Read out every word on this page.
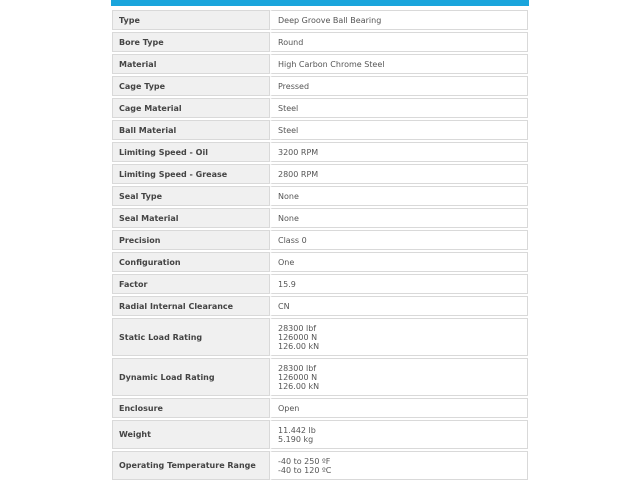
Type	Deep Groove Ball Bearing

Bore Type	Round

Material	High Carbon Chrome Steel

Cage Type	Pressed

Cage Material	Steel

Ball Material	Steel

Limiting Speed - Oil	3200 RPM

Limiting Speed - Grease	2800 RPM

Seal Type	None

Seal Material	None

Precision	Class 0

Configuration	One

Factor	15.9

Radial Internal Clearance	CN

Static Load Rating	28300 lbf
126000 N
126.00 kN

Dynamic Load Rating	28300 lbf
126000 N
126.00 kN

Enclosure	Open

Weight	11.442 lb
5.190 kg

Operating Temperature Range	-40 to 250 ºF
-40 to 120 ºC
